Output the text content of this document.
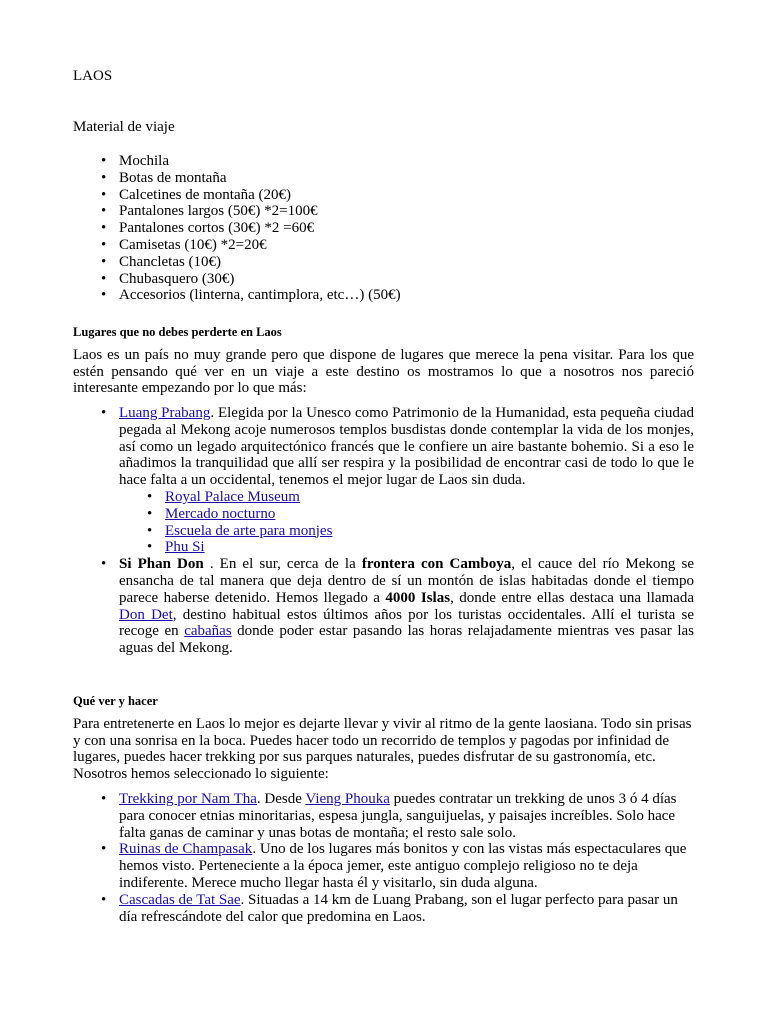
LAOS
Material de viaje
• Mochila
• Botas de montaña
• Calcetines de montaña (20€)
• Pantalones largos (50€) *2=100€
• Pantalones cortos (30€) *2 =60€
• Camisetas (10€) *2=20€
• Chancletas (10€)
• Chubasquero (30€)
• Accesorios (linterna, cantimplora, etc…) (50€)
Lugares que no debes perderte en Laos

Laos es un país no muy grande pero que dispone de lugares que merece la pena visitar. Para los que estén pensando qué ver en un viaje a este destino os mostramos lo que a nosotros nos pareció interesante empezando por lo que más:

• Luang Prabang. Elegida por la Unesco como Patrimonio de la Humanidad, esta pequeña ciudad pegada al Mekong acoje numerosos templos busdistas donde contemplar la vida de los monjes, así como un legado arquitectónico francés que le confiere un aire bastante bohemio. Si a eso le añadimos la tranquilidad que allí ser respira y la posibilidad de encontrar casi de todo lo que le hace falta a un occidental, tenemos el mejor lugar de Laos sin duda.
• Royal Palace Museum
• Mercado nocturno
• Escuela de arte para monjes
• Phu Si
• Si Phan Don . En el sur, cerca de la frontera con Camboya, el cauce del río Mekong se ensancha de tal manera que deja dentro de sí un montón de islas habitadas donde el tiempo parece haberse detenido. Hemos llegado a 4000 Islas, donde entre ellas destaca una llamada Don Det, destino habitual estos últimos años por los turistas occidentales. Allí el turista se recoge en cabañas donde poder estar pasando las horas relajadamente mientras ves pasar las aguas del Mekong.
Qué ver y hacer

Para entretenerte en Laos lo mejor es dejarte llevar y vivir al ritmo de la gente laosiana. Todo sin prisas y con una sonrisa en la boca. Puedes hacer todo un recorrido de templos y pagodas por infinidad de lugares, puedes hacer trekking por sus parques naturales, puedes disfrutar de su gastronomía, etc. Nosotros hemos seleccionado lo siguiente:

• Trekking por Nam Tha. Desde Vieng Phouka puedes contratar un trekking de unos 3 ó 4 días para conocer etnias minoritarias, espesa jungla, sanguijuelas, y paisajes increíbles. Solo hace falta ganas de caminar y unas botas de montaña; el resto sale solo.
• Ruinas de Champasak. Uno de los lugares más bonitos y con las vistas más espectaculares que hemos visto. Perteneciente a la época jemer, este antiguo complejo religioso no te deja indiferente. Merece mucho llegar hasta él y visitarlo, sin duda alguna.
• Cascadas de Tat Sae. Situadas a 14 km de Luang Prabang, son el lugar perfecto para pasar un día refrescándote del calor que predomina en Laos.
